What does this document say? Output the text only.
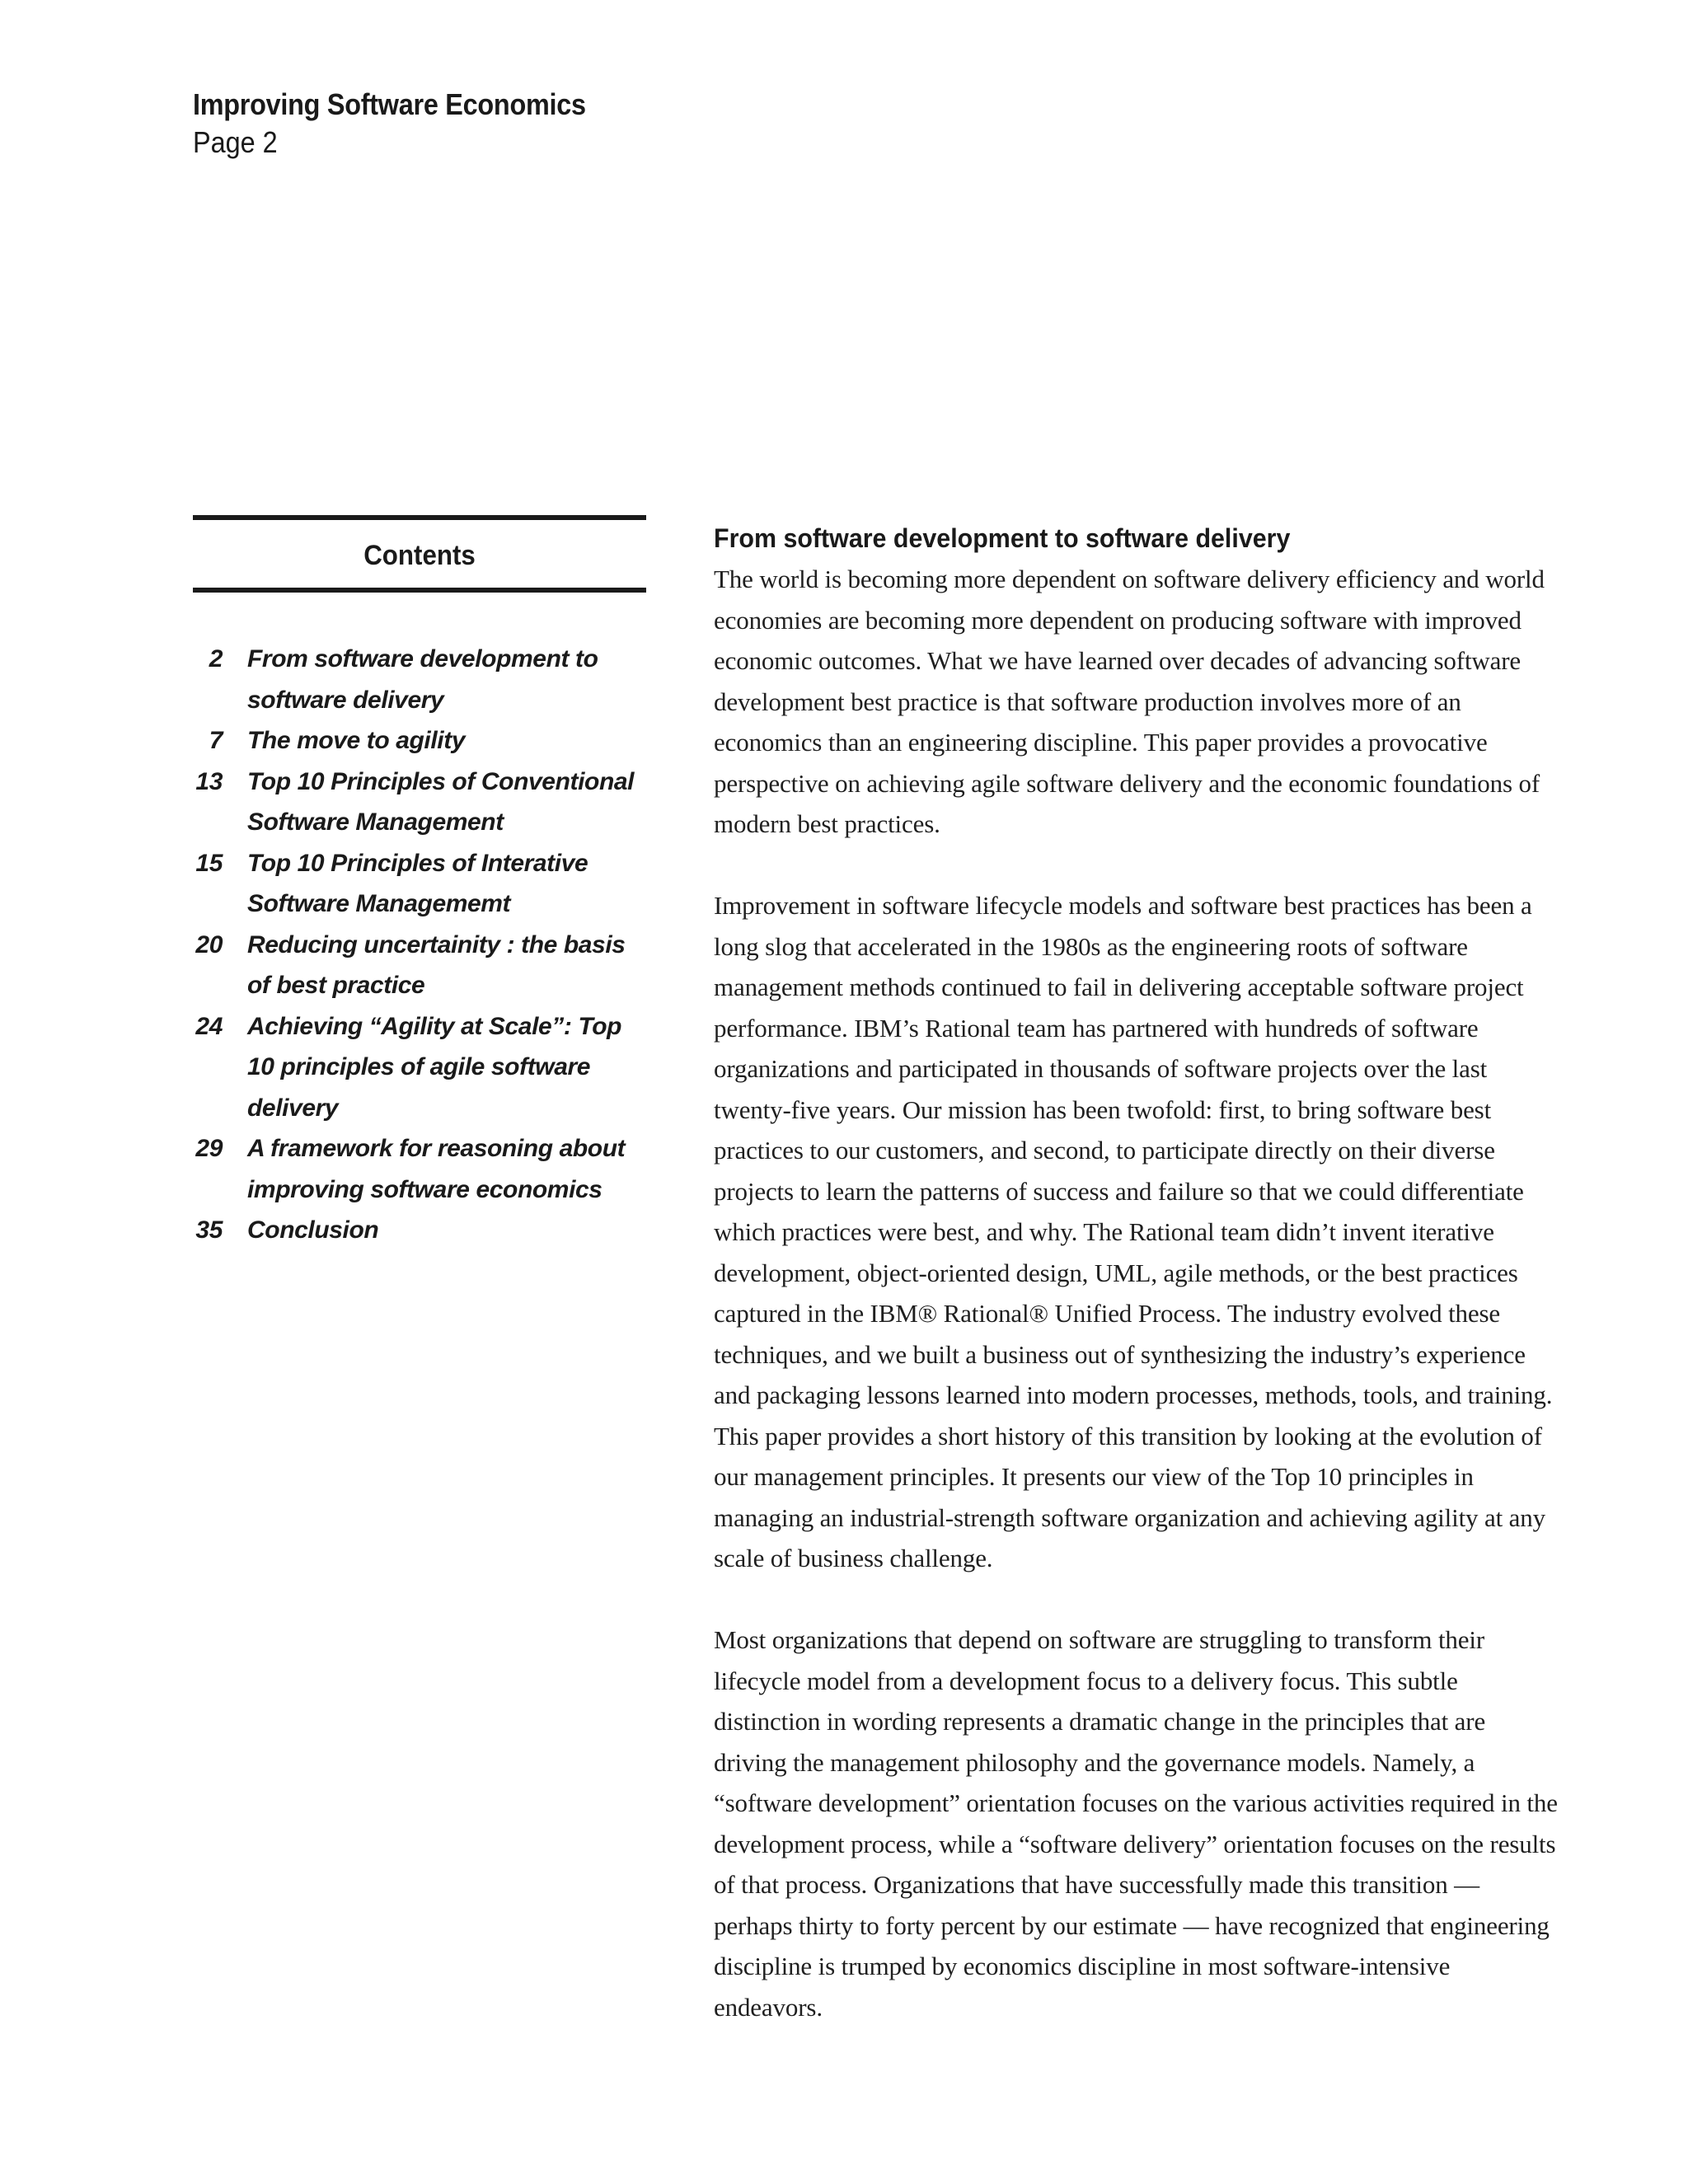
Improving Software Economics
Page 2
Contents
2 From software development to software delivery
7 The move to agility
13 Top 10 Principles of Conventional Software Management
15 Top 10 Principles of Interative Software Managememt
20 Reducing uncertainity : the basis of best practice
24 Achieving “Agility at Scale”: Top 10 principles of agile software delivery
29 A framework for reasoning about improving software economics
35 Conclusion
From software development to software delivery

The world is becoming more dependent on software delivery efficiency and world economies are becoming more dependent on producing software with improved economic outcomes. What we have learned over decades of advancing software development best practice is that software production involves more of an economics than an engineering discipline. This paper provides a provocative perspective on achieving agile software delivery and the economic foundations of modern best practices.

Improvement in software lifecycle models and software best practices has been a long slog that accelerated in the 1980s as the engineering roots of software management methods continued to fail in delivering acceptable software project performance. IBM’s Rational team has partnered with hundreds of software organizations and participated in thousands of software projects over the last twenty-five years. Our mission has been twofold: first, to bring software best practices to our customers, and second, to participate directly on their diverse projects to learn the patterns of success and failure so that we could differentiate which practices were best, and why. The Rational team didn’t invent iterative development, object-oriented design, UML, agile methods, or the best practices captured in the IBM® Rational® Unified Process. The industry evolved these techniques, and we built a business out of synthesizing the industry’s experience and packaging lessons learned into modern processes, methods, tools, and training. This paper provides a short history of this transition by looking at the evolution of our management principles. It presents our view of the Top 10 principles in managing an industrial-strength software organization and achieving agility at any scale of business challenge.

Most organizations that depend on software are struggling to transform their lifecycle model from a development focus to a delivery focus. This subtle distinction in wording represents a dramatic change in the principles that are driving the management philosophy and the governance models. Namely, a “software development” orientation focuses on the various activities required in the development process, while a “software delivery” orientation focuses on the results of that process. Organizations that have successfully made this transition — perhaps thirty to forty percent by our estimate — have recognized that engineering discipline is trumped by economics discipline in most software-intensive endeavors.
